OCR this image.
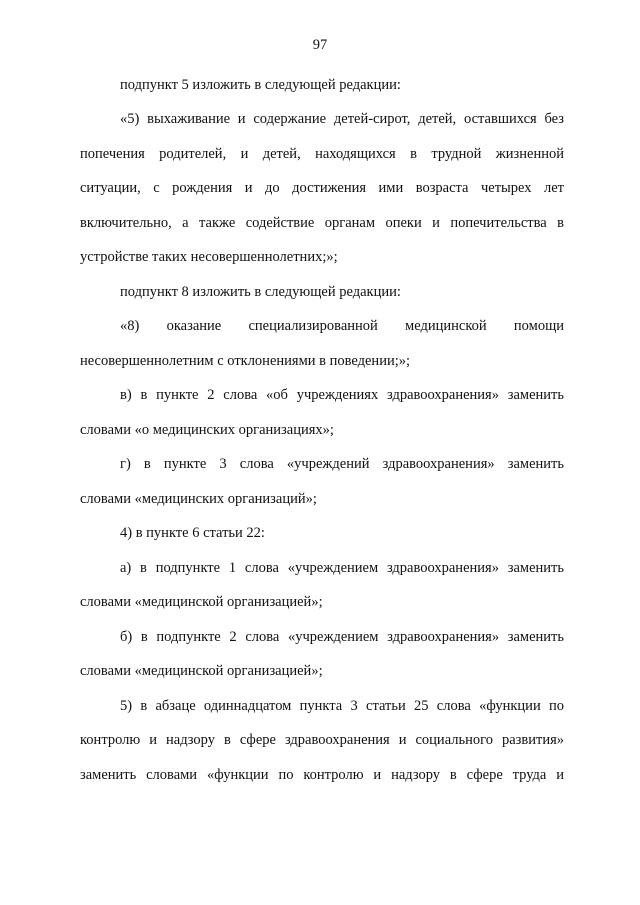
97
подпункт 5 изложить в следующей редакции:
«5) выхаживание и содержание детей-сирот, детей, оставшихся без
попечения родителей, и детей, находящихся в трудной жизненной
ситуации, с рождения и до достижения ими возраста четырех лет
включительно, а также содействие органам опеки и попечительства в
устройстве таких несовершеннолетних;»;
подпункт 8 изложить в следующей редакции:
«8) оказание специализированной медицинской помощи
несовершеннолетним с отклонениями в поведении;»;
в) в пункте 2 слова «об учреждениях здравоохранения» заменить
словами «о медицинских организациях»;
г) в пункте 3 слова «учреждений здравоохранения» заменить
словами «медицинских организаций»;
4) в пункте 6 статьи 22:
а) в подпункте 1 слова «учреждением здравоохранения» заменить
словами «медицинской организацией»;
б) в подпункте 2 слова «учреждением здравоохранения» заменить
словами «медицинской организацией»;
5) в абзаце одиннадцатом пункта 3 статьи 25 слова «функции по
контролю и надзору в сфере здравоохранения и социального развития»
заменить словами «функции по контролю и надзору в сфере труда и
